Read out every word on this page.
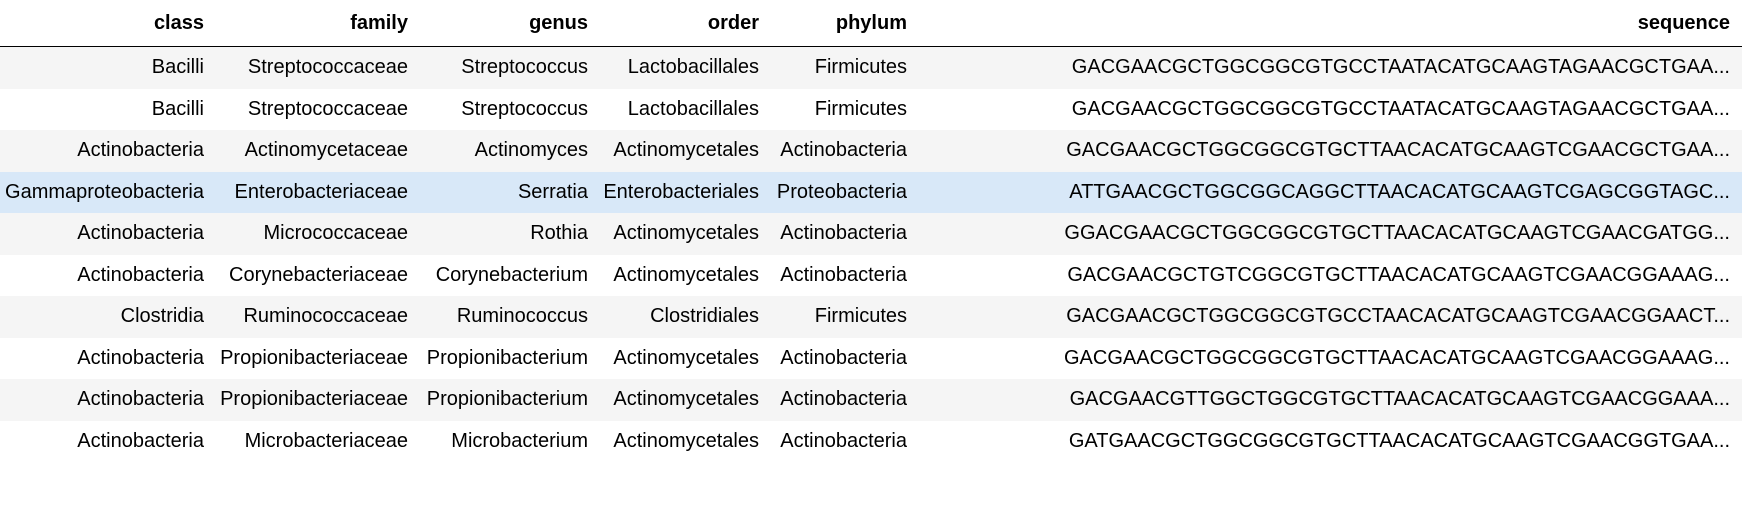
class	family	genus	order	phylum	sequence
Bacilli	Streptococcaceae	Streptococcus	Lactobacillales	Firmicutes	GACGAACGCTGGCGGCGTGCCTAATACATGCAAGTAGAACGCTGAA...
Bacilli	Streptococcaceae	Streptococcus	Lactobacillales	Firmicutes	GACGAACGCTGGCGGCGTGCCTAATACATGCAAGTAGAACGCTGAA...
Actinobacteria	Actinomycetaceae	Actinomyces	Actinomycetales	Actinobacteria	GACGAACGCTGGCGGCGTGCTTAACACATGCAAGTCGAACGCTGAA...
Gammaproteobacteria	Enterobacteriaceae	Serratia	Enterobacteriales	Proteobacteria	ATTGAACGCTGGCGGCAGGCTTAACACATGCAAGTCGAGCGGTAGC...
Actinobacteria	Micrococcaceae	Rothia	Actinomycetales	Actinobacteria	GGACGAACGCTGGCGGCGTGCTTAACACATGCAAGTCGAACGATGG...
Actinobacteria	Corynebacteriaceae	Corynebacterium	Actinomycetales	Actinobacteria	GACGAACGCTGTCGGCGTGCTTAACACATGCAAGTCGAACGGAAAG...
Clostridia	Ruminococcaceae	Ruminococcus	Clostridiales	Firmicutes	GACGAACGCTGGCGGCGTGCCTAACACATGCAAGTCGAACGGAACT...
Actinobacteria	Propionibacteriaceae	Propionibacterium	Actinomycetales	Actinobacteria	GACGAACGCTGGCGGCGTGCTTAACACATGCAAGTCGAACGGAAAG...
Actinobacteria	Propionibacteriaceae	Propionibacterium	Actinomycetales	Actinobacteria	GACGAACGTTGGCTGGCGTGCTTAACACATGCAAGTCGAACGGAAA...
Actinobacteria	Microbacteriaceae	Microbacterium	Actinomycetales	Actinobacteria	GATGAACGCTGGCGGCGTGCTTAACACATGCAAGTCGAACGGTGAA...
